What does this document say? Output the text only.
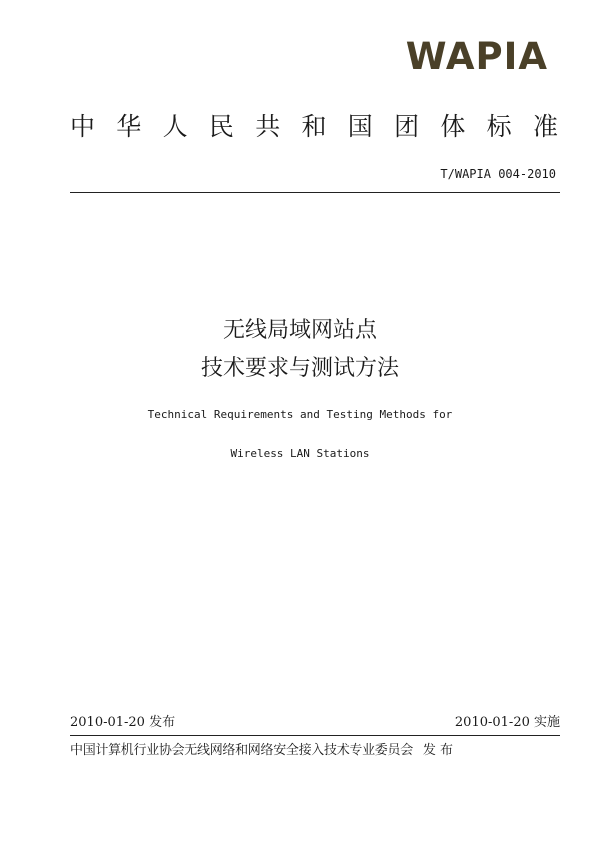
WAPIA
中 华 人 民 共 和 国 团 体 标 准
T/WAPIA 004-2010
无线局域网站点
技术要求与测试方法
Technical Requirements and Testing Methods for
Wireless LAN Stations
2010-01-20 发布	2010-01-20 实施
中国计算机行业协会无线网络和网络安全接入技术专业委员会 发 布
